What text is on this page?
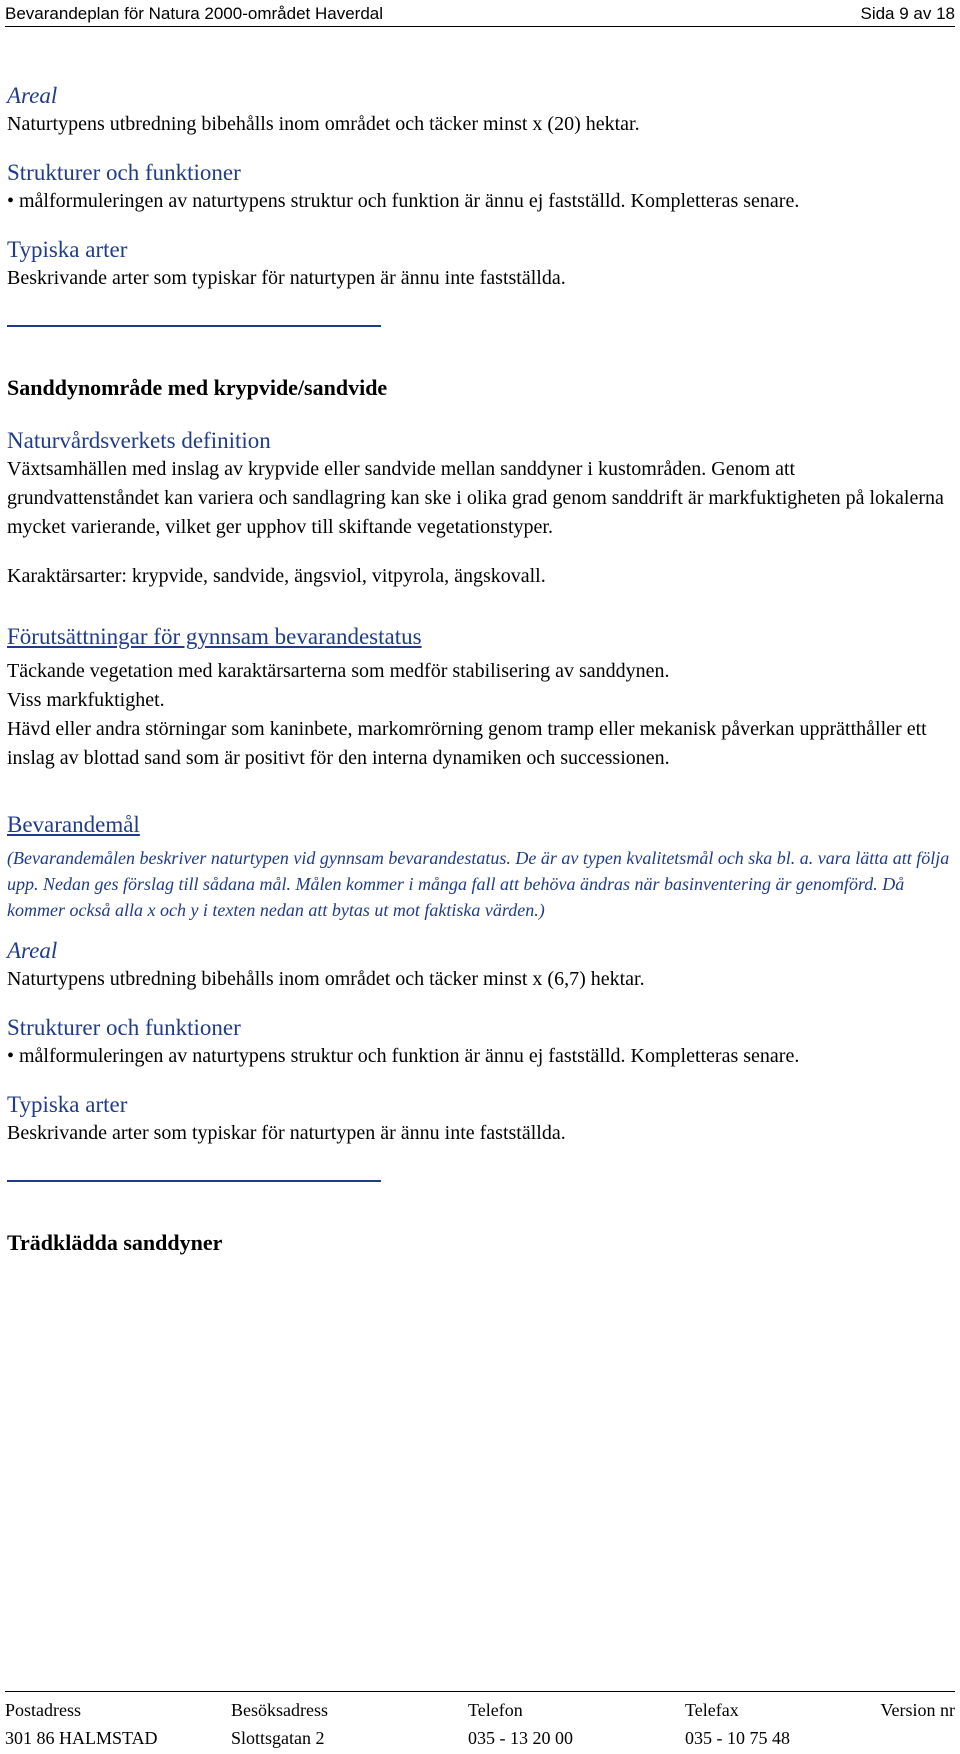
Bevarandeplan för Natura 2000-området Haverdal	Sida 9 av 18
Areal

Naturtypens utbredning bibehålls inom området och täcker minst x (20) hektar.

Strukturer och funktioner

• målformuleringen av naturtypens struktur och funktion är ännu ej fastställd. Kompletteras senare.

Typiska arter

Beskrivande arter som typiskar för naturtypen är ännu inte fastställda.

Sanddynområde med krypvide/sandvide
Naturvårdsverkets definition

Växtsamhällen med inslag av krypvide eller sandvide mellan sanddyner i kustområden. Genom att grundvattenståndet kan variera och sandlagring kan ske i olika grad genom sanddrift är markfuktigheten på lokalerna mycket varierande, vilket ger upphov till skiftande vegetationstyper.

Karaktärsarter: krypvide, sandvide, ängsviol, vitpyrola, ängskovall.

Förutsättningar för gynnsam bevarandestatus

Täckande vegetation med karaktärsarterna som medför stabilisering av sanddynen.

Viss markfuktighet.

Hävd eller andra störningar som kaninbete, markomrörning genom tramp eller mekanisk påverkan upprätthåller ett inslag av blottad sand som är positivt för den interna dynamiken och successionen.

Bevarandemål

(Bevarandemålen beskriver naturtypen vid gynnsam bevarandestatus. De är av typen kvalitetsmål och ska bl. a. vara lätta att följa upp. Nedan ges förslag till sådana mål. Målen kommer i många fall att behöva ändras när basinventering är genomförd. Då kommer också alla x och y i texten nedan att bytas ut mot faktiska värden.)

Areal

Naturtypens utbredning bibehålls inom området och täcker minst x (6,7) hektar.

Strukturer och funktioner

• målformuleringen av naturtypens struktur och funktion är ännu ej fastställd. Kompletteras senare.

Typiska arter

Beskrivande arter som typiskar för naturtypen är ännu inte fastställda.

Trädklädda sanddyner
Postadress
301 86 HALMSTAD
Besöksadress
Slottsgatan 2
Telefon
035 - 13 20 00
Telefax
035 - 10 75 48
Version nr
